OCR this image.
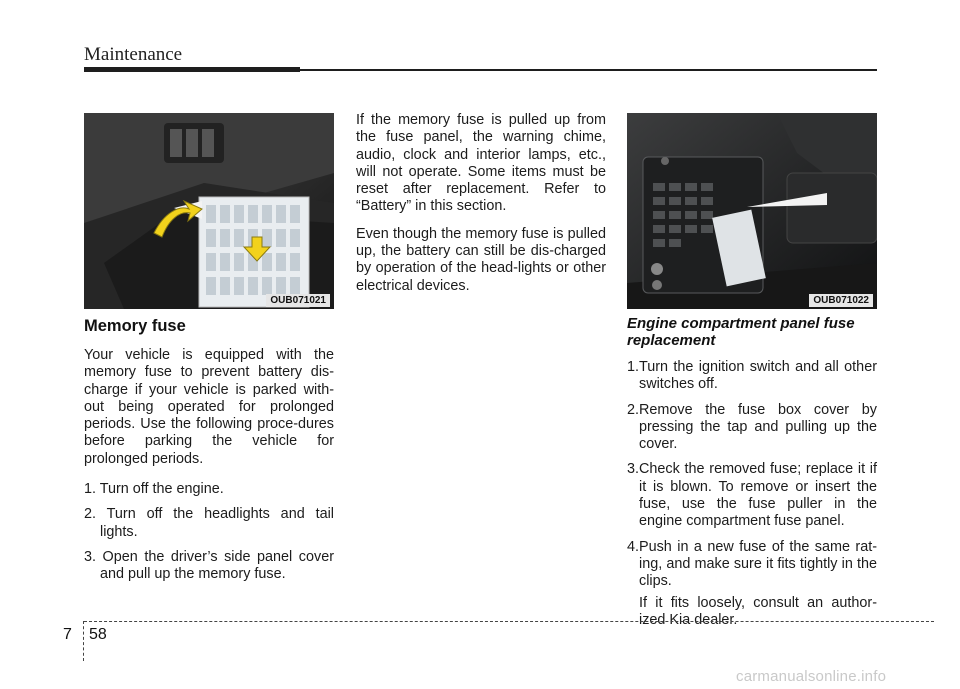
Maintenance
OUB071021	OUB071022
Memory fuse

Your vehicle is equipped with the memory fuse to prevent battery dis-charge if your vehicle is parked with-out being operated for prolonged periods. Use the following proce-dures before parking the vehicle for prolonged periods.

1. Turn off the engine.
2. Turn off the headlights and tail lights.
3. Open the driver’s side panel cover and pull up the memory fuse.

If the memory fuse is pulled up from the fuse panel, the warning chime, audio, clock and interior lamps, etc., will not operate. Some items must be reset after replacement. Refer to “Battery” in this section.

Even though the memory fuse is pulled up, the battery can still be dis-charged by operation of the head-lights or other electrical devices.

Engine compartment panel fuse replacement
1.Turn the ignition switch and all other switches off.
2.Remove the fuse box cover by pressing the tap and pulling up the cover.
3.Check the removed fuse; replace it if it is blown. To remove or insert the fuse, use the fuse puller in the engine compartment fuse panel.
4.Push in a new fuse of the same rat-ing, and make sure it fits tightly in the clips.

If it fits loosely, consult an author-ized Kia dealer.

7 58
carmanualsonline.info
